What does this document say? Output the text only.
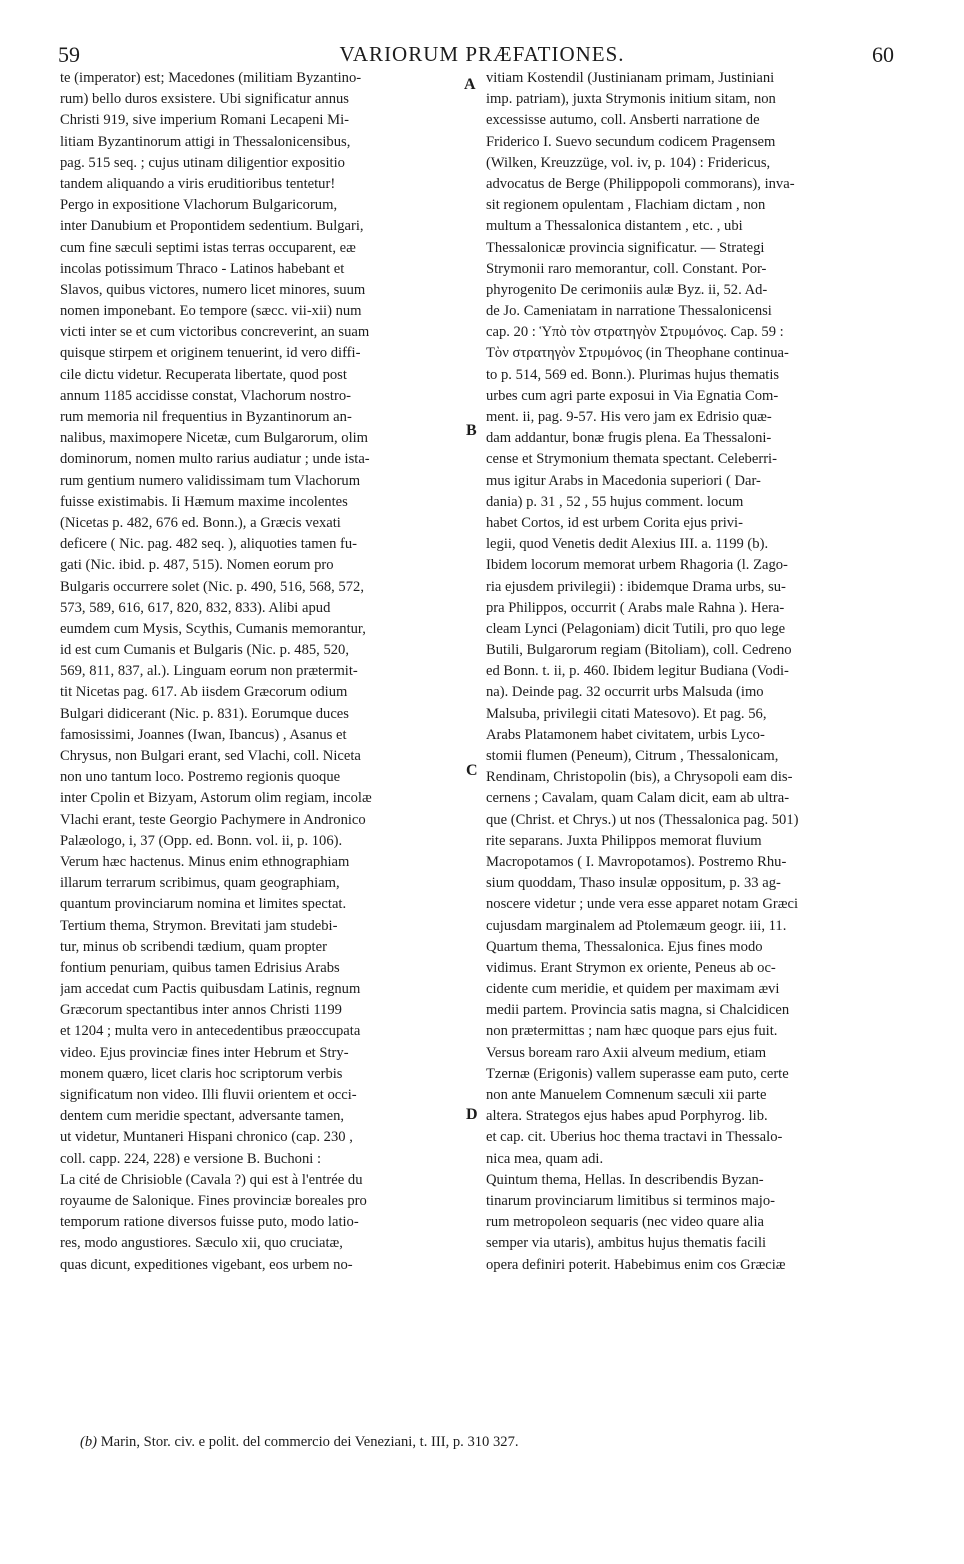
59	VARIORUM PRÆFATIONES.	60
te (imperator) est; Macedones (militiam Byzantino-
rum) bello duros exsistere. Ubi significatur annus
Christi 919, sive imperium Romani Lecapeni Mi-
litiam Byzantinorum attigi in Thessalonicensibus,
pag. 515 seq. ; cujus utinam diligentior expositio
tandem aliquando a viris eruditioribus tentetur!
Pergo in expositione Vlachorum Bulgaricorum,
inter Danubium et Propontidem sedentium. Bulgari,
cum fine sæculi septimi istas terras occuparent, eæ
incolas potissimum Thraco - Latinos habebant et
Slavos, quibus victores, numero licet minores, suum
nomen imponebant. Eo tempore (sæcc. vii-xii) num
victi inter se et cum victoribus concreverint, an suam
quisque stirpem et originem tenuerint, id vero diffi-
cile dictu videtur. Recuperata libertate, quod post
annum 1185 accidisse constat, Vlachorum nostro-
rum memoria nil frequentius in Byzantinorum an-
nalibus, maximopere Nicetæ, cum Bulgarorum, olim
dominorum, nomen multo rarius audiatur ; unde ista-
rum gentium numero validissimam tum Vlachorum
fuisse existimabis. Ii Hæmum maxime incolentes
(Nicetas p. 482, 676 ed. Bonn.), a Græcis vexati
deficere ( Nic. pag. 482 seq. ), aliquoties tamen fu-
gati (Nic. ibid. p. 487, 515). Nomen eorum pro
Bulgaris occurrere solet (Nic. p. 490, 516, 568, 572,
573, 589, 616, 617, 820, 832, 833). Alibi apud
eumdem cum Mysis, Scythis, Cumanis memorantur,
id est cum Cumanis et Bulgaris (Nic. p. 485, 520,
569, 811, 837, al.). Linguam eorum non prætermit-
tit Nicetas pag. 617. Ab iisdem Græcorum odium
Bulgari didicerant (Nic. p. 831). Eorumque duces
famosissimi, Joannes (Iwan, Ibancus) , Asanus et
Chrysus, non Bulgari erant, sed Vlachi, coll. Niceta
non uno tantum loco. Postremo regionis quoque
inter Cpolin et Bizyam, Astorum olim regiam, incolæ
Vlachi erant, teste Georgio Pachymere in Andronico
Palæologo, i, 37 (Opp. ed. Bonn. vol. ii, p. 106).
Verum hæc hactenus. Minus enim ethnographiam
illarum terrarum scribimus, quam geographiam,
quantum provinciarum nomina et limites spectat.
Tertium thema, Strymon. Brevitati jam studebi-
tur, minus ob scribendi tædium, quam propter
fontium penuriam, quibus tamen Edrisius Arabs
jam accedat cum Pactis quibusdam Latinis, regnum
Græcorum spectantibus inter annos Christi 1199
et 1204 ; multa vero in antecedentibus præoccupata
video. Ejus provinciæ fines inter Hebrum et Stry-
monem quæro, licet claris hoc scriptorum verbis
significatum non video. Illi fluvii orientem et occi-
dentem cum meridie spectant, adversante tamen,
ut videtur, Muntaneri Hispani chronico (cap. 230 ,
coll. capp. 224, 228) e versione B. Buchoni :
La cité de Chrisioble (Cavala ?) qui est à l'entrée du
royaume de Salonique. Fines provinciæ boreales pro
temporum ratione diversos fuisse puto, modo latio-
res, modo angustiores. Sæculo xii, quo cruciatæ,
quas dicunt, expeditiones vigebant, eos urbem no-
vitiam Kostendil (Justinianam primam, Justiniani
imp. patriam), juxta Strymonis initium sitam, non
excessisse autumo, coll. Ansberti narratione de
Friderico I. Suevo secundum codicem Pragensem
(Wilken, Kreuzzüge, vol. iv, p. 104) : Fridericus,
advocatus de Berge (Philippopoli commorans), inva-
sit regionem opulentam , Flachiam dictam , non
multum a Thessalonica distantem , etc. , ubi
Thessalonicæ provincia significatur. — Strategi
Strymonii raro memorantur, coll. Constant. Por-
phyrogenito De cerimoniis aulæ Byz. ii, 52. Ad-
de Jo. Cameniatam in narratione Thessalonicensi
cap. 20 : Ὑπὸ τὸν στρατηγὸν Στρυμόνος. Cap. 59 :
Τὸν στρατηγὸν Στρυμόνος (in Theophane continua-
to p. 514, 569 ed. Bonn.). Plurimas hujus thematis
urbes cum agri parte exposui in Via Egnatia Com-
ment. ii, pag. 9-57. His vero jam ex Edrisio quæ-
dam addantur, bonæ frugis plena. Ea Thessaloni-
cense et Strymonium themata spectant. Celeberri-
mus igitur Arabs in Macedonia superiori ( Dar-
dania) p. 31 , 52 , 55 hujus comment. locum
habet Cortos, id est urbem Corita ejus privi-
legii, quod Venetis dedit Alexius III. a. 1199 (b).
Ibidem locorum memorat urbem Rhagoria (l. Zago-
ria ejusdem privilegii) : ibidemque Drama urbs, su-
pra Philippos, occurrit ( Arabs male Rahna ). Hera-
cleam Lynci (Pelagoniam) dicit Tutili, pro quo lege
Butili, Bulgarorum regiam (Bitoliam), coll. Cedreno
ed Bonn. t. ii, p. 460. Ibidem legitur Budiana (Vodi-
na). Deinde pag. 32 occurrit urbs Malsuda (imo
Malsuba, privilegii citati Matesovo). Et pag. 56,
Arabs Platamonem habet civitatem, urbis Lyco-
stomii flumen (Peneum), Citrum , Thessalonicam,
Rendinam, Christopolin (bis), a Chrysopoli eam dis-
cernens ; Cavalam, quam Calam dicit, eam ab ultra-
que (Christ. et Chrys.) ut nos (Thessalonica pag. 501)
rite separans. Juxta Philippos memorat fluvium
Macropotamos ( I. Mavropotamos). Postremo Rhu-
sium quoddam, Thaso insulæ oppositum, p. 33 ag-
noscere videtur ; unde vera esse apparet notam Græci
cujusdam marginalem ad Ptolemæum geogr. iii, 11.
Quartum thema, Thessalonica. Ejus fines modo
vidimus. Erant Strymon ex oriente, Peneus ab oc-
cidente cum meridie, et quidem per maximam ævi
medii partem. Provincia satis magna, si Chalcidicen
non prætermittas ; nam hæc quoque pars ejus fuit.
Versus boream raro Axii alveum medium, etiam
Tzernæ (Erigonis) vallem superasse eam puto, certe
non ante Manuelem Comnenum sæculi xii parte
altera. Strategos ejus habes apud Porphyrog. lib.
et cap. cit. Uberius hoc thema tractavi in Thessalo-
nica mea, quam adi.
Quintum thema, Hellas. In describendis Byzan-
tinarum provinciarum limitibus si terminos majo-
rum metropoleon sequaris (nec video quare alia
semper via utaris), ambitus hujus thematis facili
opera definiri poterit. Habebimus enim cos Græciæ
A
B
C
D
(b) Marin, Stor. civ. e polit. del commercio dei Veneziani, t. III, p. 310 327.
